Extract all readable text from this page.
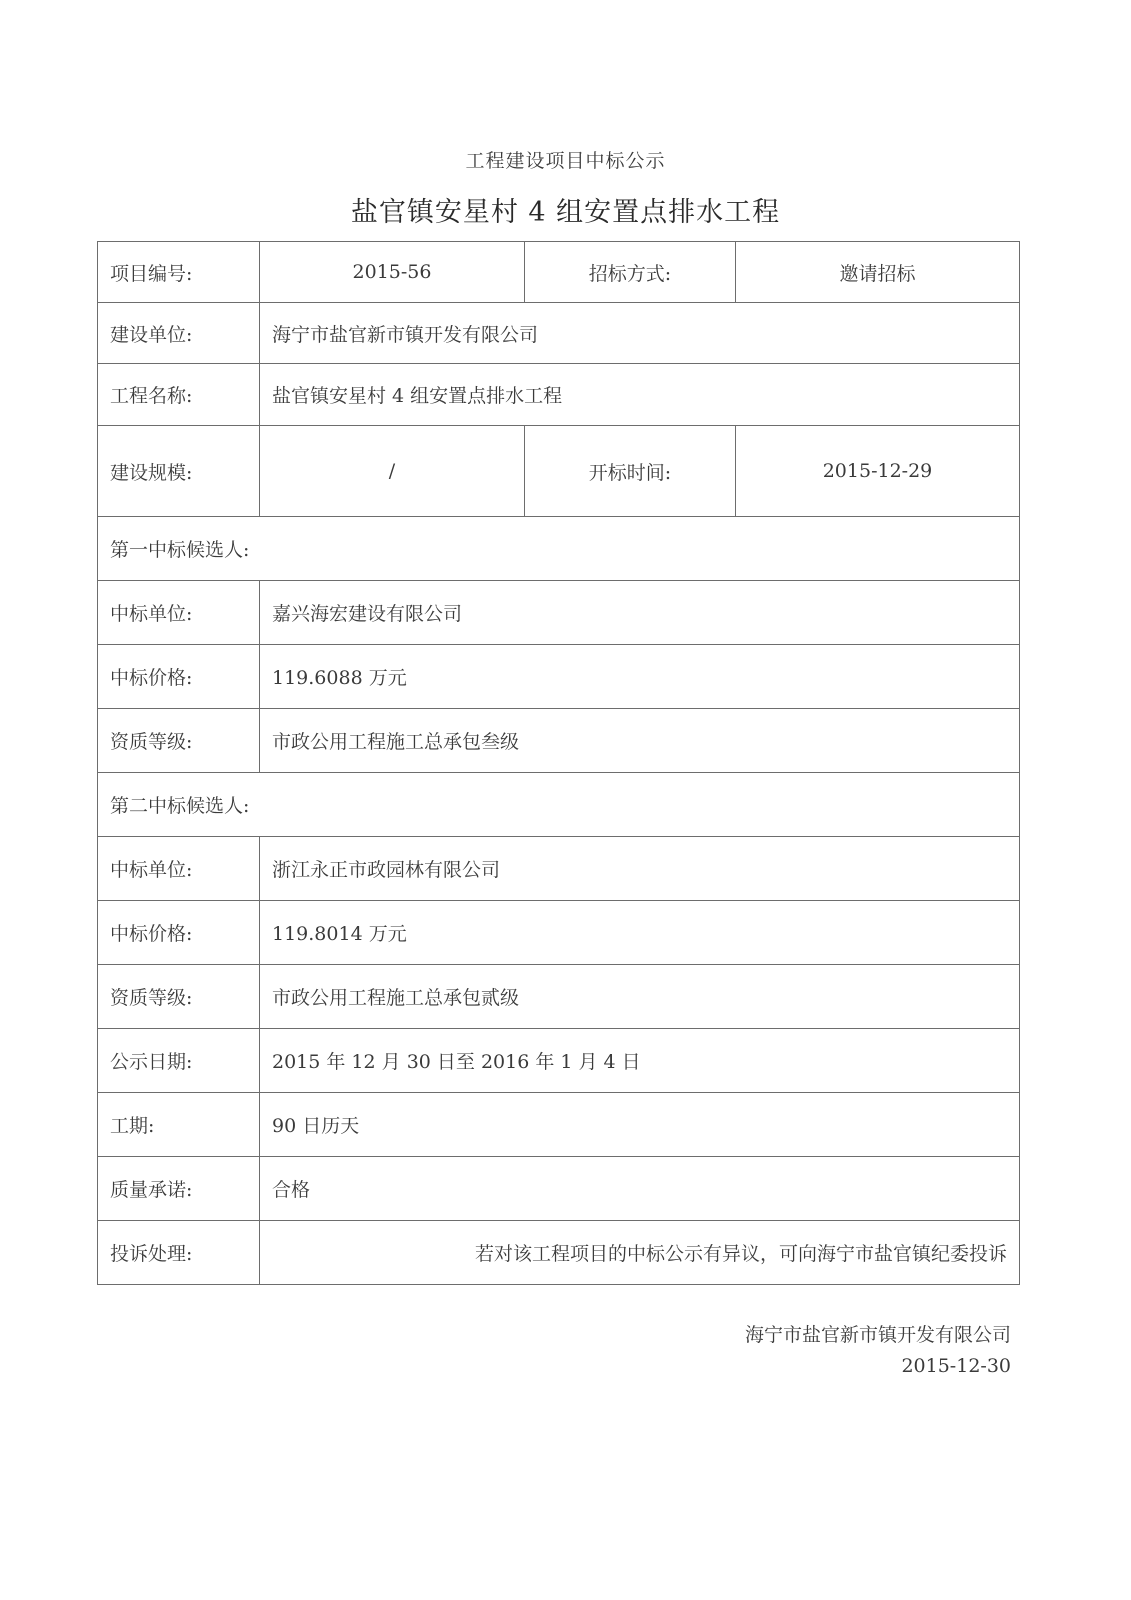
工程建设项目中标公示
盐官镇安星村 4 组安置点排水工程
项目编号:	2015-56	招标方式:	邀请招标
建设单位:	海宁市盐官新市镇开发有限公司		
工程名称:	盐官镇安星村 4 组安置点排水工程		
建设规模:	/	开标时间:	2015-12-29
第一中标候选人:			
中标单位:	嘉兴海宏建设有限公司		
中标价格:	119.6088 万元		
资质等级:	市政公用工程施工总承包叁级		
第二中标候选人:			
中标单位:	浙江永正市政园林有限公司		
中标价格:	119.8014 万元		
资质等级:	市政公用工程施工总承包贰级		
公示日期:	2015 年 12 月 30 日至 2016 年 1 月 4 日		
工期:	90 日历天		
质量承诺:	合格		
投诉处理:	若对该工程项目的中标公示有异议，可向海宁市盐官镇纪委投诉		
海宁市盐官新市镇开发有限公司
2015-12-30
